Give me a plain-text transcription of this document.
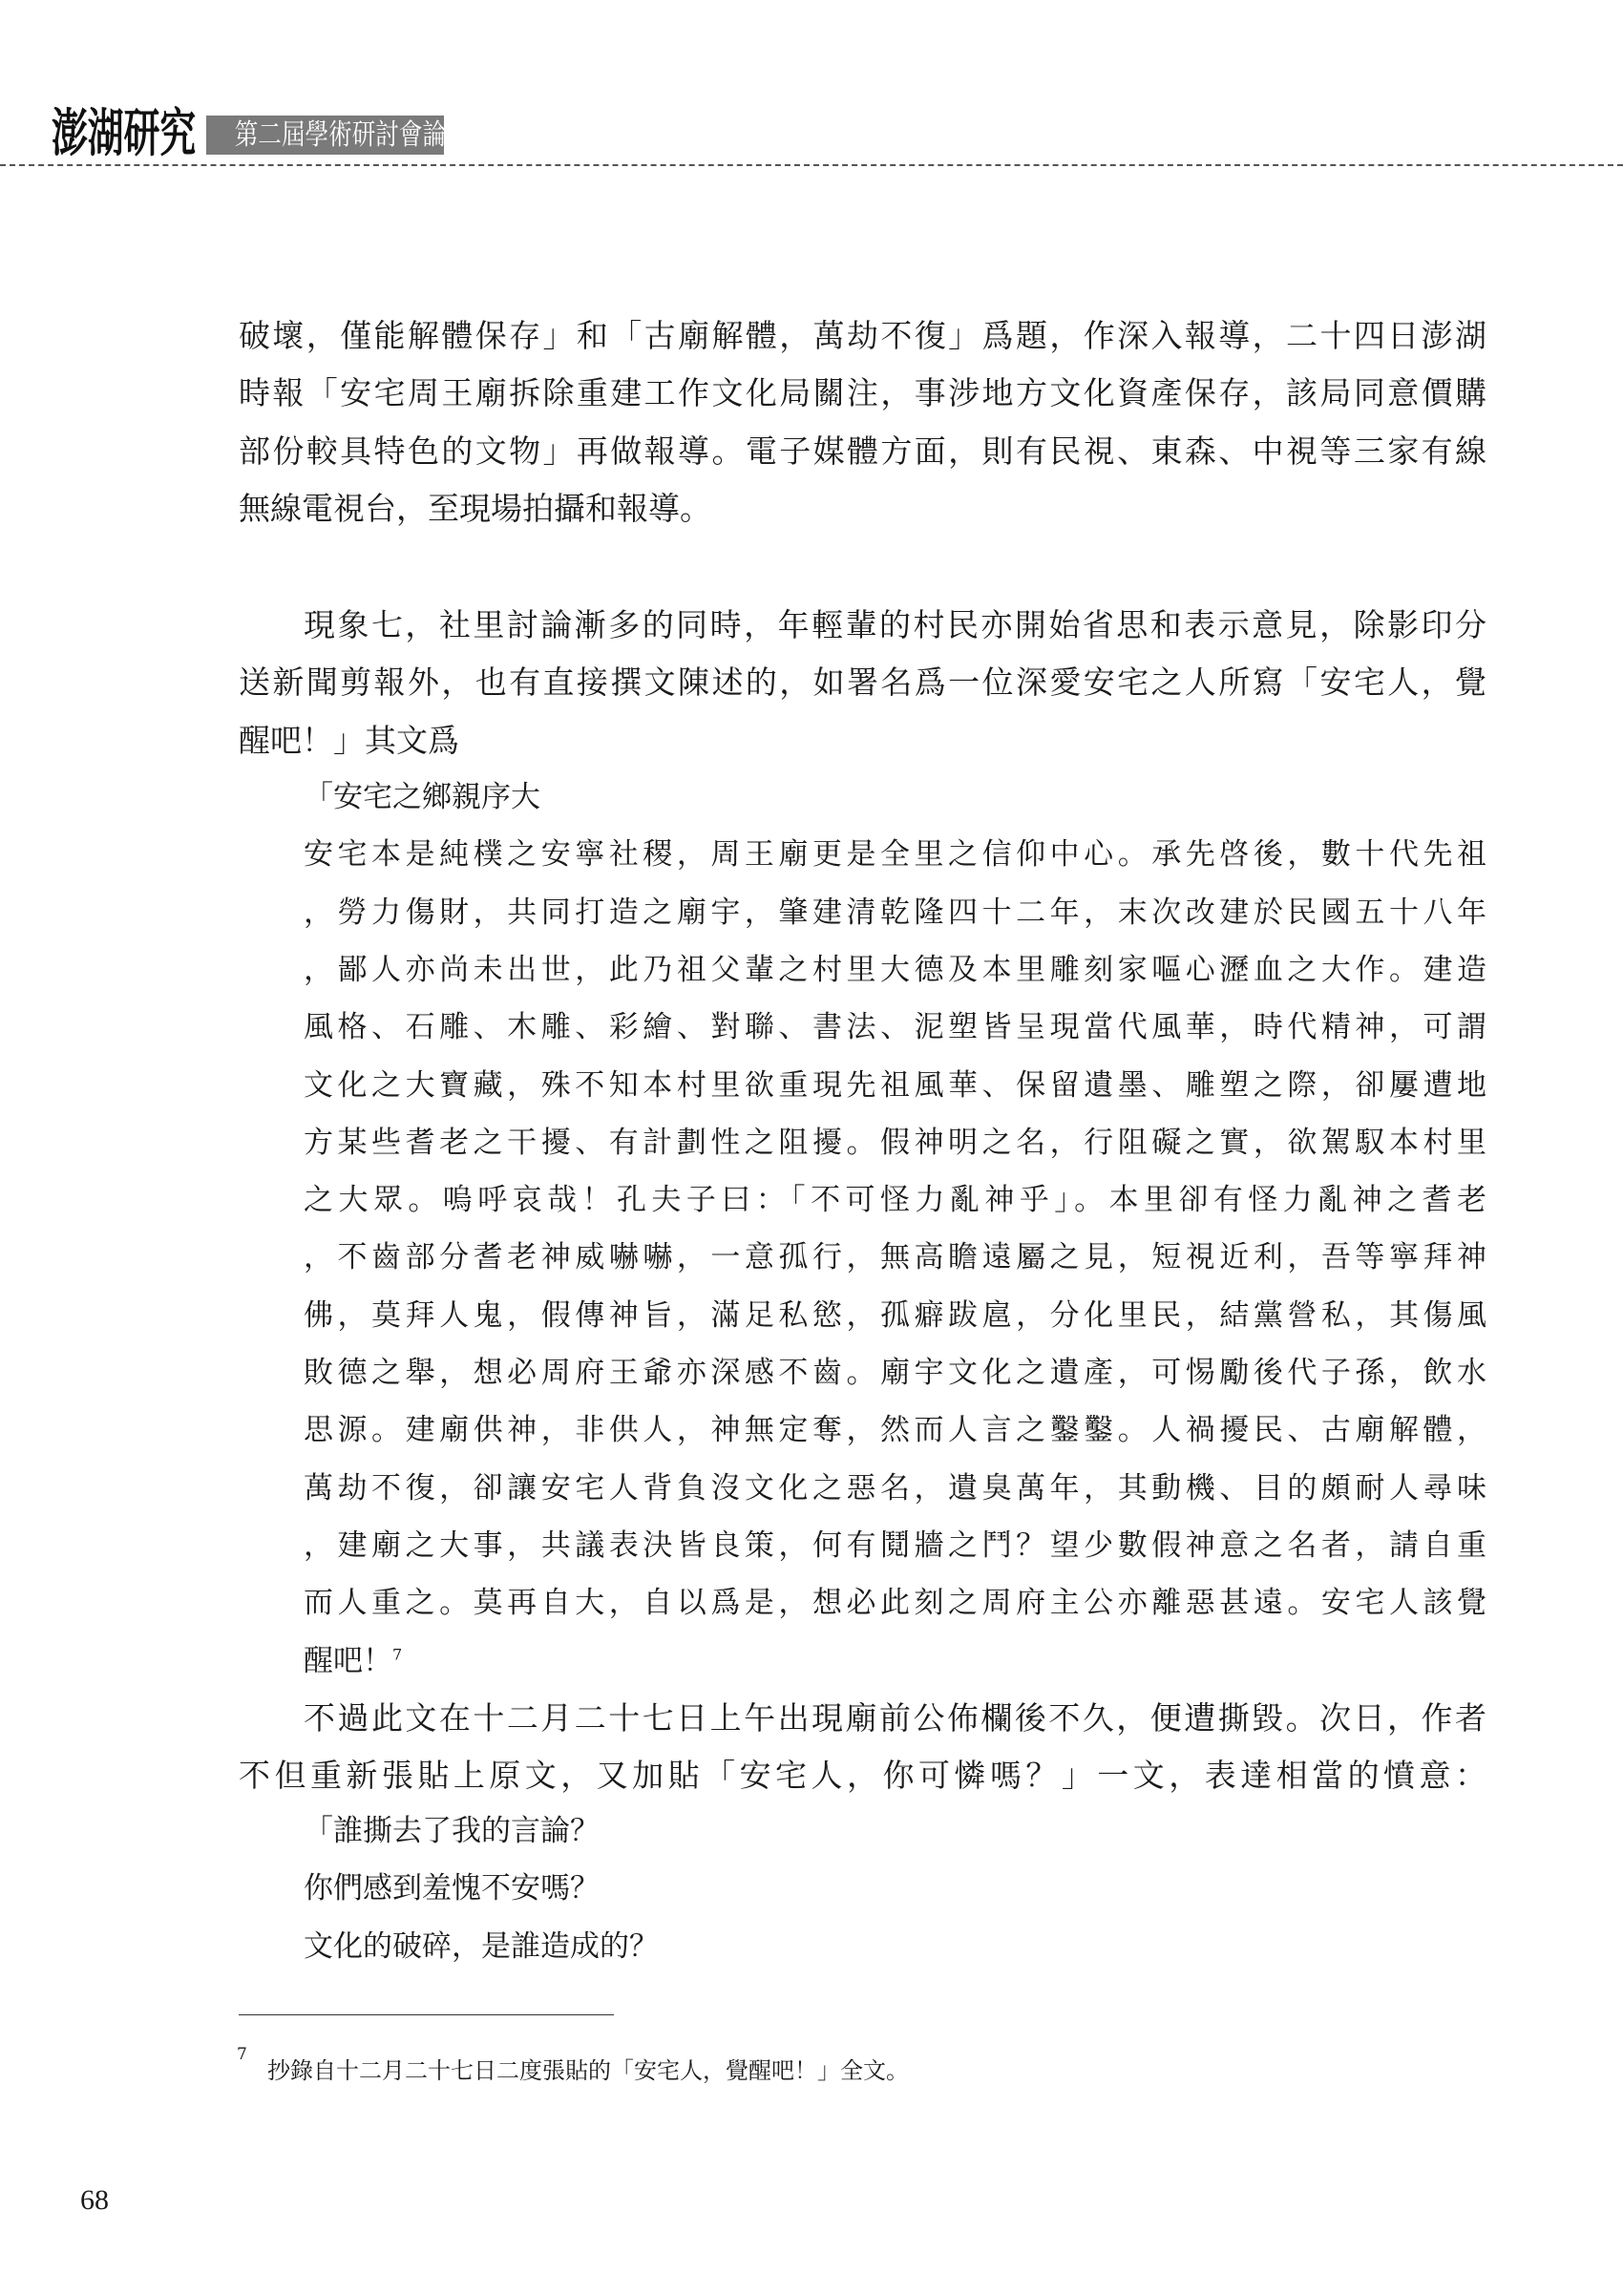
澎湖研究	第二屆學術研討會論文輯
破壞，僅能解體保存」和「古廟解體，萬劫不復」爲題，作深入報導，二十四日澎湖
時報「安宅周王廟拆除重建工作文化局關注，事涉地方文化資產保存，該局同意價購
部份較具特色的文物」再做報導。電子媒體方面，則有民視、東森、中視等三家有線
無線電視台，至現場拍攝和報導。
現象七，社里討論漸多的同時，年輕輩的村民亦開始省思和表示意見，除影印分
送新聞剪報外，也有直接撰文陳述的，如署名爲一位深愛安宅之人所寫「安宅人，覺
醒吧！」其文爲
「安宅之鄉親序大
安宅本是純樸之安寧社稷，周王廟更是全里之信仰中心。承先啓後，數十代先祖
，勞力傷財，共同打造之廟宇，肇建清乾隆四十二年，末次改建於民國五十八年
，鄙人亦尚未出世，此乃祖父輩之村里大德及本里雕刻家嘔心瀝血之大作。建造
風格、石雕、木雕、彩繪、對聯、書法、泥塑皆呈現當代風華，時代精神，可謂
文化之大寶藏，殊不知本村里欲重現先祖風華、保留遺墨、雕塑之際，卻屢遭地
方某些耆老之干擾、有計劃性之阻擾。假神明之名，行阻礙之實，欲駕馭本村里
之大眾。嗚呼哀哉！孔夫子曰：「不可怪力亂神乎」。本里卻有怪力亂神之耆老
，不齒部分耆老神威嚇嚇，一意孤行，無高瞻遠屬之見，短視近利，吾等寧拜神
佛，莫拜人鬼，假傳神旨，滿足私慾，孤癖跋扈，分化里民，結黨營私，其傷風
敗德之舉，想必周府王爺亦深感不齒。廟宇文化之遺產，可惕勵後代子孫，飲水
思源。建廟供神，非供人，神無定奪，然而人言之鑿鑿。人禍擾民、古廟解體，
萬劫不復，卻讓安宅人背負沒文化之惡名，遺臭萬年，其動機、目的頗耐人尋味
，建廟之大事，共議表決皆良策，何有鬩牆之鬥？望少數假神意之名者，請自重
而人重之。莫再自大，自以爲是，想必此刻之周府主公亦離惡甚遠。安宅人該覺
醒吧！$^7$
不過此文在十二月二十七日上午出現廟前公佈欄後不久，便遭撕毀。次日，作者
不但重新張貼上原文，又加貼「安宅人，你可憐嗎？」一文，表達相當的憤意：
「誰撕去了我的言論？
你們感到羞愧不安嗎？
文化的破碎，是誰造成的？
7
抄錄自十二月二十七日二度張貼的「安宅人，覺醒吧！」全文。
68
